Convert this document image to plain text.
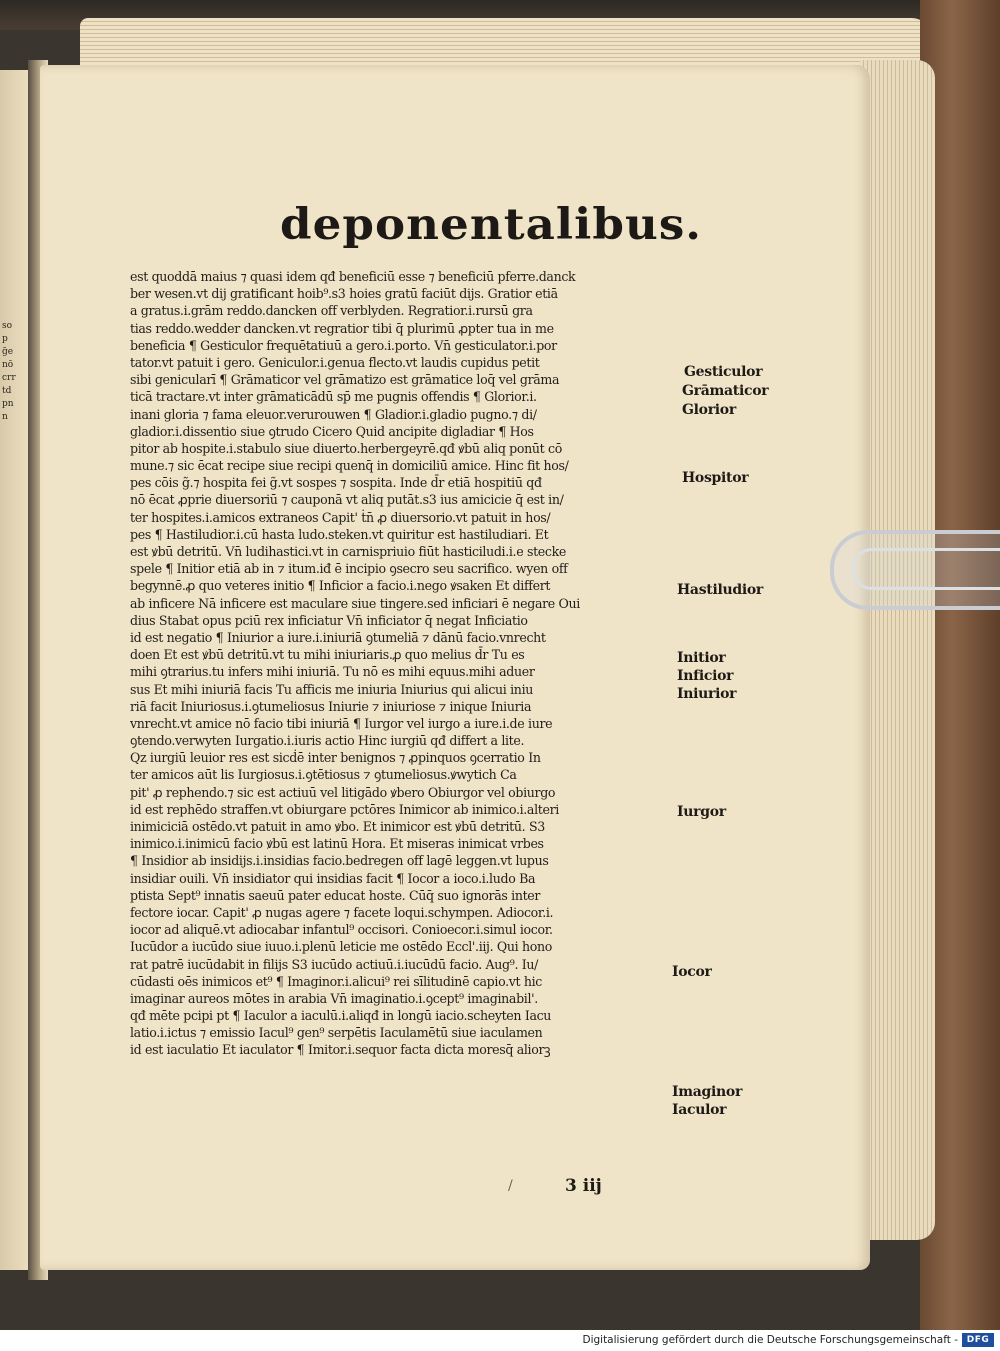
sopg̃enōcrrtdpnn
deponentalibus.
est quoddā maius ⁊ quasi idem qđ beneficiū esse ⁊ beneficiū pferre.danck
ber wesen.vt dij gratificant hoib⁹.s3 hoies gratū faciūt dijs. Gratior etiā
a gratus.i.grām reddo.dancken off verblyden. Regratior.i.rursū gra
tias reddo.wedder dancken.vt regratior tibi q̄ plurimū ꝓpter tua in me
beneficia ¶ Gesticulor frequētatiuū a gero.i.porto. Vn̄ gesticulator.i.por
tator.vt patuit i gero. Geniculor.i.genua flecto.vt laudis cupidus petit
sibi genicularī ¶ Grāmaticor vel grāmatizo est grāmatice loq̄ vel grāma
ticā tractare.vt inter grāmaticādū sp̄ me pugnis offendis ¶ Glorior.i.
inani gloria ⁊ fama eleuor.verurouwen ¶ Gladior.i.gladio pugno.⁊ di/
gladior.i.dissentio siue ꝯtrudo Cicero Quid ancipite digladiar ¶ Hos
pitor ab hospite.i.stabulo siue diuerto.herbergeyrē.qđ ꝟbū aliq ponūt cō
mune.⁊ sic ēcat recipe siue recipi quenq̄ in domiciliū amice. Hinc fit hos/
pes cōis g̃.⁊ hospita fei g̃.vt sospes ⁊ sospita. Inde d̄r etiā hospitiū qđ
nō ēcat ꝓprie diuersoriū ⁊ cauponā vt aliq putāt.s3 ius amicicie q̄ est in/
ter hospites.i.amicos extraneos Capit' ṫn̄ ꝓ diuersorio.vt patuit in hos/
pes ¶ Hastiludior.i.cū hasta ludo.steken.vt quiritur est hastiludiari. Et
est ꝟbū detritū. Vn̄ ludihastici.vt in carnispriuio fiūt hasticiludi.i.e stecke
spele ¶ Initior etiā ab in ⁊ itum.iđ ē incipio ꝯsecro seu sacrifico. wyen off
begynnē.ꝓ quo veteres initio ¶ Inficior a facio.i.nego ꝟsaken Et differt
ab inficere Nā inficere est maculare siue tingere.sed inficiari ē negare Oui
dius Stabat opus pciū rex inficiatur Vn̄ inficiator q̄ negat Inficiatio
id est negatio ¶ Iniurior a iure.i.iniuriā ꝯtumeliā ⁊ dānū facio.vnrecht
doen Et est ꝟbū detritū.vt tu mihi iniuriaris.ꝓ quo melius d̄r Tu es
mihi ꝯtrarius.tu infers mihi iniuriā. Tu nō es mihi equus.mihi aduer
sus Et mihi iniuriā facis Tu afficis me iniuria Iniurius qui alicui iniu
riā facit Iniuriosus.i.ꝯtumeliosus Iniurie ⁊ iniuriose ⁊ inique Iniuria
vnrecht.vt amice nō facio tibi iniuriā ¶ Iurgor vel iurgo a iure.i.de iure
ꝯtendo.verwyten Iurgatio.i.iuris actio Hinc iurgiū qđ differt a lite.
Qz iurgiū leuior res est sicḋē inter benignos ⁊ ꝓpinquos ꝯcerratio In
ter amicos aūt lis Iurgiosus.i.ꝯtētiosus ⁊ ꝯtumeliosus.ꝟwytich Ca
pit' ꝓ rephendo.⁊ sic est actiuū vel litigādo ꝟbero Obiurgor vel obiurgo
id est rephēdo straffen.vt obiurgare pctōres Inimicor ab inimico.i.alteri
inimiciciā ostēdo.vt patuit in amo ꝟbo. Et inimicor est ꝟbū detritū. S3
inimico.i.inimicū facio ꝟbū est latinū Hora. Et miseras inimicat vrbes
¶ Insidior ab insidijs.i.insidias facio.bedregen off lagē leggen.vt lupus
insidiar ouili. Vn̄ insidiator qui insidias facit ¶ Iocor a ioco.i.ludo Ba
ptista Sept⁹ innatis saeuū pater educat hoste. Cūq̄ suo ignorās inter
fectore iocar. Capit' ꝓ nugas agere ⁊ facete loqui.schympen. Adiocor.i.
iocor ad aliquē.vt adiocabar infantul⁹ occisori. Conioecor.i.simul iocor.
Iucūdor a iucūdo siue iuuo.i.plenū leticie me ostēdo Eccl'.iij. Qui hono
rat patrē iucūdabit in filijs S3 iucūdo actiuū.i.iucūdū facio. Aug⁹. Iu/
cūdasti oēs inimicos et⁹ ¶ Imaginor.i.alicui⁹ rei sīlitudinē capio.vt hic
imaginar aureos mōtes in arabia Vn̄ imaginatio.i.ꝯcept⁹ imaginabil'.
qđ mēte pcipi pt ¶ Iaculor a iaculū.i.aliqđ in longū iacio.scheyten Iacu
latio.i.ictus ⁊ emissio Iacul⁹ gen⁹ serpētis Iaculamētū siue iaculamen
id est iaculatio Et iaculator ¶ Imitor.i.sequor facta dicta moresq̄ aliorꝫ
Gesticulor
Grāmaticor
Glorior
Hospitor
Hastiludior
Initior
Inficior
Iniurior
Iurgor
Iocor
Imaginor
Iaculor
/	3 iij
Digitalisierung gefördert durch die Deutsche Forschungsgemeinschaft - DFG
